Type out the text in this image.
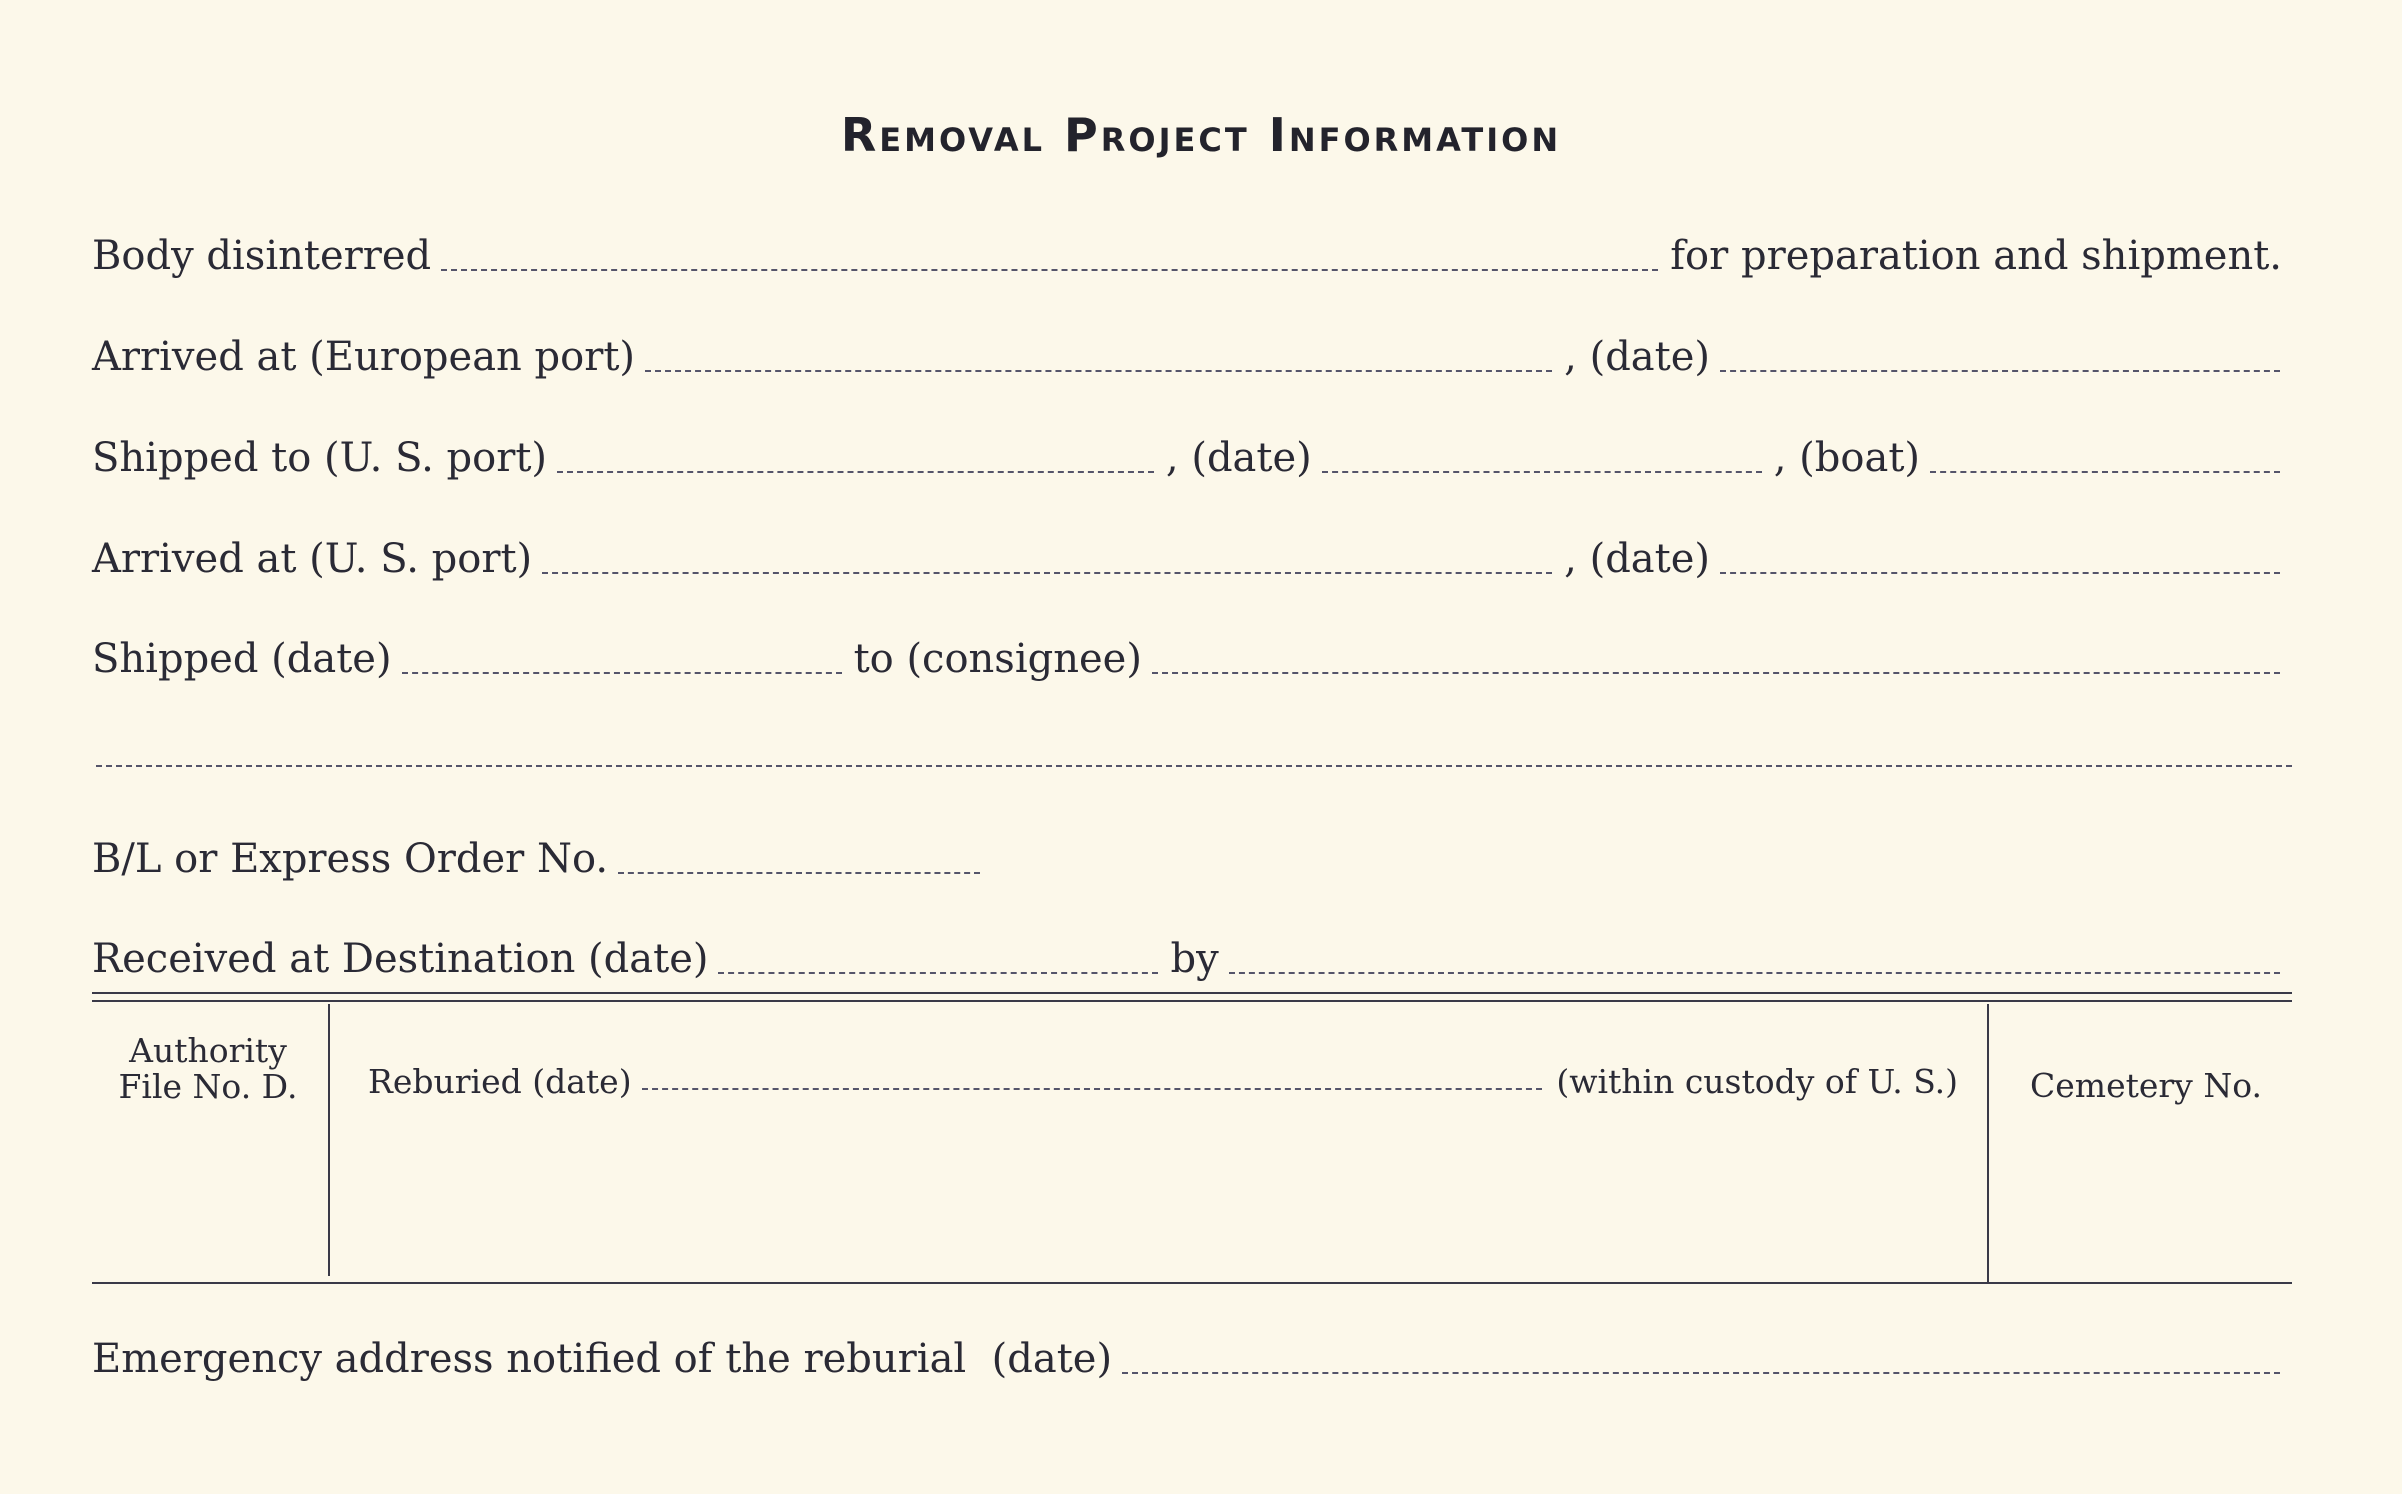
Removal Project Information
Body disinterred	for preparation and shipment.
Arrived at (European port)	, (date)
Shipped to (U. S. port)	, (date)	, (boat)
Arrived at (U. S. port)	, (date)
Shipped (date)	to (consignee)
B/L or Express Order No.
Received at Destination (date)	by
Authority
File No. D.	Reburied (date)	(within custody of U. S.)	Cemetery No.
Emergency address notified of the reburial  (date)
